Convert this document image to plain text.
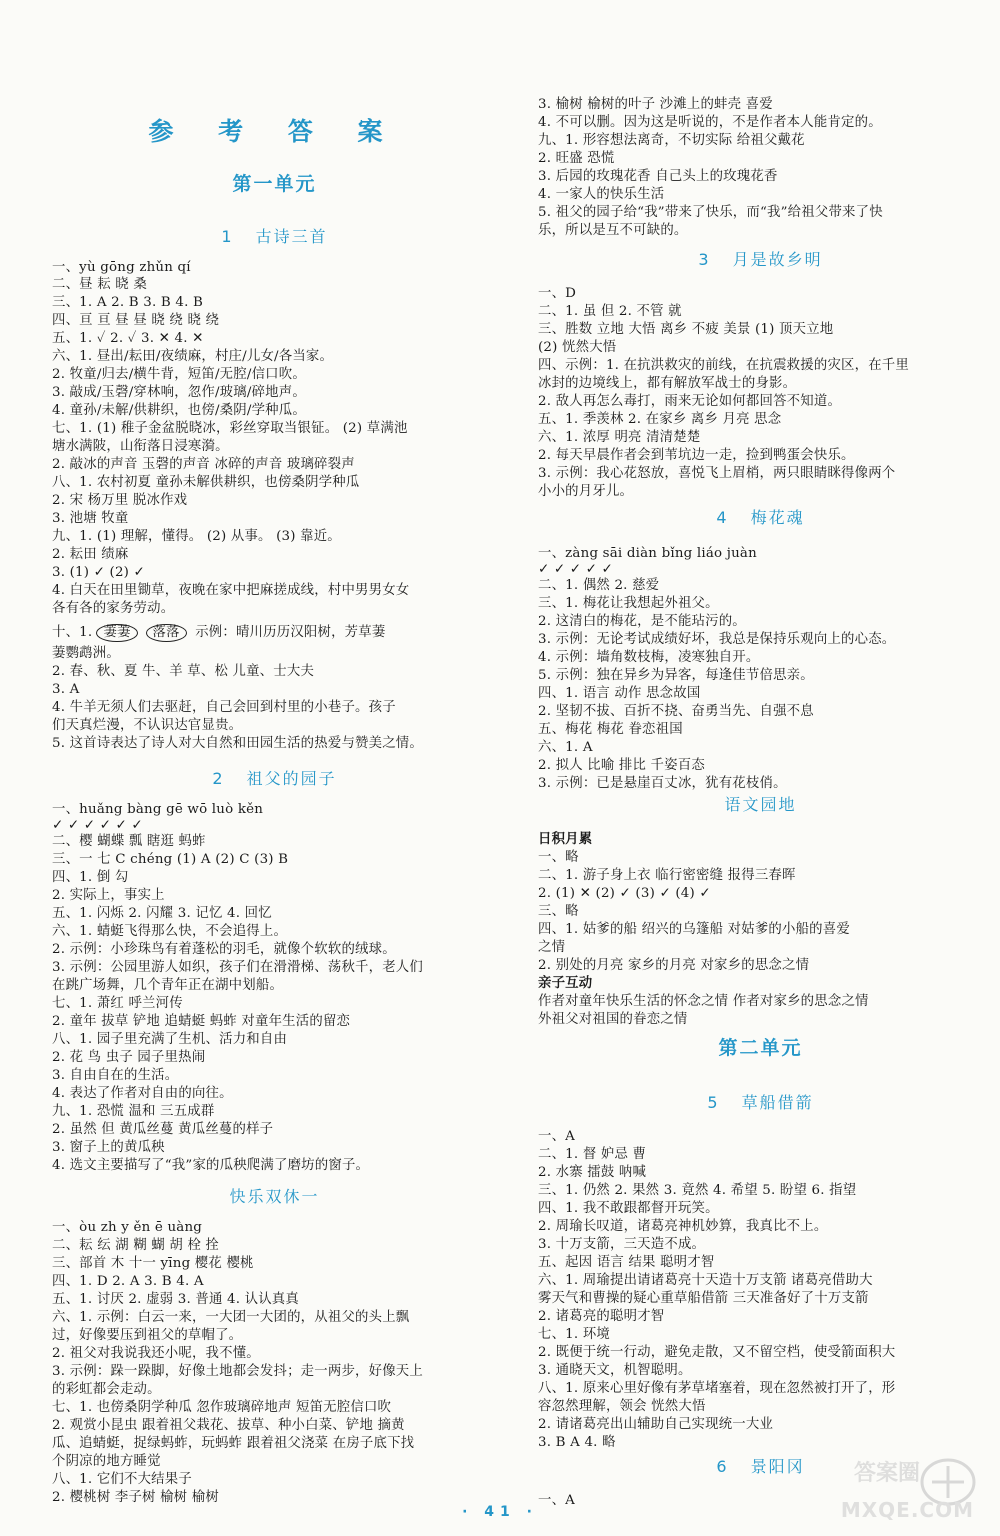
参 考 答 案
第一单元
1 古诗三首
一、yù gōng zhǔn qí
二、昼 耘 晓 桑
三、1. A 2. B 3. B 4. B
四、亘 亘 昼 昼 晓 绕 晓 绕
五、1. ✓ 2. ✓ 3. ✕ 4. ✕
六、1. 昼出/耘田/夜绩麻，村庄/儿女/各当家。
2. 牧童/归去/横牛背，短笛/无腔/信口吹。
3. 敲成/玉磬/穿林响，忽作/玻璃/碎地声。
4. 童孙/未解/供耕织，也傍/桑阴/学种瓜。
七、1. (1) 稚子金盆脱晓冰，彩丝穿取当银钲。 (2) 草满池
塘水满陂，山衔落日浸寒漪。
2. 敲冰的声音 玉磬的声音 冰碎的声音 玻璃碎裂声
八、1. 农村初夏 童孙未解供耕织，也傍桑阴学种瓜
2. 宋 杨万里 脱冰作戏
3. 池塘 牧童
九、1. (1) 理解，懂得。 (2) 从事。 (3) 靠近。
2. 耘田 绩麻
3. (1) ✓ (2) ✓
4. 白天在田里锄草，夜晚在家中把麻搓成线，村中男男女女
各有各的家务劳动。
十、1. 萋萋 落落 示例：晴川历历汉阳树，芳草萋
萋鹦鹉洲。
2. 春、秋、夏 牛、羊 草、松 儿童、士大夫
3. A
4. 牛羊无须人们去驱赶，自己会回到村里的小巷子。孩子
们天真烂漫，不认识达官显贵。
5. 这首诗表达了诗人对大自然和田园生活的热爱与赞美之情。
2 祖父的园子
一、huǎng bàng gē wō luò kěn
✓ ✓ ✓ ✓ ✓ ✓
二、樱 蝴蝶 瓢 瞎逛 蚂蚱
三、一 七 C chéng (1) A (2) C (3) B
四、1. 倒 勾
2. 实际上，事实上
五、1. 闪烁 2. 闪耀 3. 记忆 4. 回忆
六、1. 蜻蜓飞得那么快，不会追得上。
2. 示例：小珍珠鸟有着蓬松的羽毛，就像个软软的绒球。
3. 示例：公园里游人如织，孩子们在滑滑梯、荡秋千，老人们
在跳广场舞，几个青年正在湖中划船。
七、1. 萧红 呼兰河传
2. 童年 拔草 铲地 追蜻蜓 蚂蚱 对童年生活的留恋
八、1. 园子里充满了生机、活力和自由
2. 花 鸟 虫子 园子里热闹
3. 自由自在的生活。
4. 表达了作者对自由的向往。
九、1. 恐慌 温和 三五成群
2. 虽然 但 黄瓜丝蔓 黄瓜丝蔓的样子
3. 窗子上的黄瓜秧
4. 选文主要描写了“我”家的瓜秧爬满了磨坊的窗子。
快乐双休一
一、òu zh y ěn ē uàng
二、耘 纭 湖 糊 蝴 胡 栓 拴
三、部首 木 十一 yīng 樱花 樱桃
四、1. D 2. A 3. B 4. A
五、1. 讨厌 2. 虚弱 3. 普通 4. 认认真真
六、1. 示例：白云一来，一大团一大团的，从祖父的头上飘
过，好像要压到祖父的草帽了。
2. 祖父对我说我还小呢，我不懂。
3. 示例：跺一跺脚，好像土地都会发抖；走一两步，好像天上
的彩虹都会走动。
七、1. 也傍桑阴学种瓜 忽作玻璃碎地声 短笛无腔信口吹
2. 观赏小昆虫 跟着祖父栽花、拔草、种小白菜、铲地 摘黄
瓜、追蜻蜓，捉绿蚂蚱，玩蚂蚱 跟着祖父浇菜 在房子底下找
个阴凉的地方睡觉
八、1. 它们不大结果子
2. 樱桃树 李子树 榆树 榆树
3. 榆树 榆树的叶子 沙滩上的蚌壳 喜爱
4. 不可以删。因为这是听说的，不是作者本人能肯定的。
九、1. 形容想法离奇，不切实际 给祖父戴花
2. 旺盛 恐慌
3. 后园的玫瑰花香 自己头上的玫瑰花香
4. 一家人的快乐生活
5. 祖父的园子给“我”带来了快乐，而“我”给祖父带来了快
乐，所以是互不可缺的。
3 月是故乡明
一、D
二、1. 虽 但 2. 不管 就
三、胜数 立地 大悟 离乡 不疲 美景 (1) 顶天立地
(2) 恍然大悟
四、示例：1. 在抗洪救灾的前线，在抗震救援的灾区，在千里
冰封的边境线上，都有解放军战士的身影。
2. 敌人再怎么毒打，雨来无论如何都回答不知道。
五、1. 季羡林 2. 在家乡 离乡 月亮 思念
六、1. 浓厚 明亮 清清楚楚
2. 每天早晨作者会到苇坑边一走，捡到鸭蛋会快乐。
3. 示例：我心花怒放，喜悦飞上眉梢，两只眼睛眯得像两个
小小的月牙儿。
4 梅花魂
一、zàng sāi diàn bǐng liáo juàn
✓ ✓ ✓ ✓ ✓
二、1. 偶然 2. 慈爱
三、1. 梅花让我想起外祖父。
2. 这清白的梅花，是不能玷污的。
3. 示例：无论考试成绩好坏，我总是保持乐观向上的心态。
4. 示例：墙角数枝梅，凌寒独自开。
5. 示例：独在异乡为异客，每逢佳节倍思亲。
四、1. 语言 动作 思念故国
2. 坚韧不拔、百折不挠、奋勇当先、自强不息
五、梅花 梅花 眷恋祖国
六、1. A
2. 拟人 比喻 排比 千姿百态
3. 示例：已是悬崖百丈冰，犹有花枝俏。
语文园地
日积月累
一、略
二、1. 游子身上衣 临行密密缝 报得三春晖
2. (1) ✕ (2) ✓ (3) ✓ (4) ✓
三、略
四、1. 姑爹的船 绍兴的乌篷船 对姑爹的小船的喜爱
之情
2. 别处的月亮 家乡的月亮 对家乡的思念之情
亲子互动
作者对童年快乐生活的怀念之情 作者对家乡的思念之情
外祖父对祖国的眷恋之情
第二单元
5 草船借箭
一、A
二、1. 督 妒忌 曹
2. 水寨 擂鼓 呐喊
三、1. 仍然 2. 果然 3. 竟然 4. 希望 5. 盼望 6. 指望
四、1. 我不敢跟都督开玩笑。
2. 周瑜长叹道，诸葛亮神机妙算，我真比不上。
3. 十万支箭，三天造不成。
五、起因 语言 结果 聪明才智
六、1. 周瑜提出请诸葛亮十天造十万支箭 诸葛亮借助大
雾天气和曹操的疑心重草船借箭 三天准备好了十万支箭
2. 诸葛亮的聪明才智
七、1. 环境
2. 既便于统一行动，避免走散，又不留空档，使受箭面积大
3. 通晓天文，机智聪明。
八、1. 原来心里好像有茅草堵塞着，现在忽然被打开了，形
容忽然理解，领会 恍然大悟
2. 请诸葛亮出山辅助自己实现统一大业
3. B A 4. 略
6 景阳冈
一、A
· 41 ·	MXQE.COM
答案圈
